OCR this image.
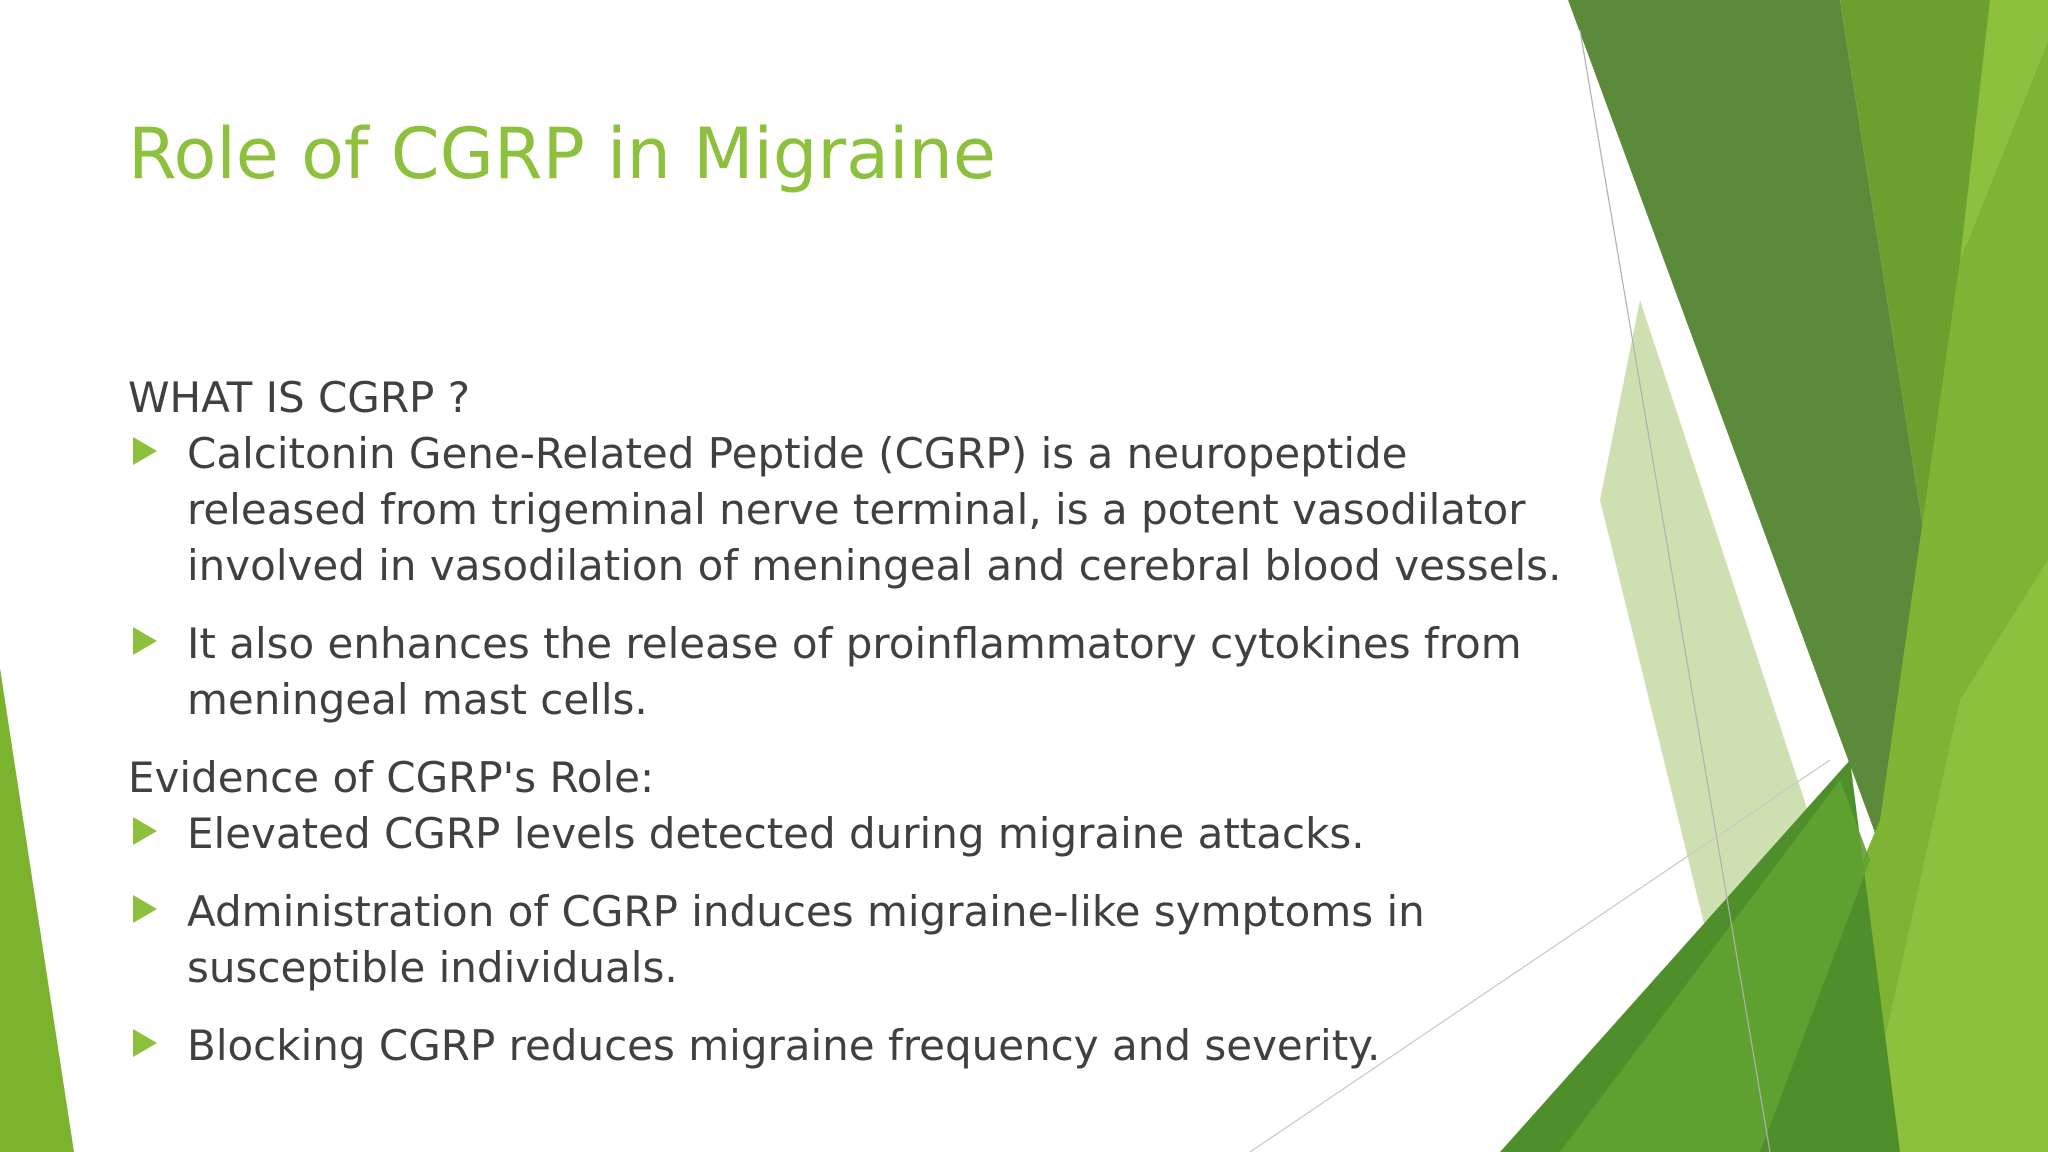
Role of CGRP in Migraine

WHAT IS CGRP ?

Calcitonin Gene-Related Peptide (CGRP) is a neuropeptide released from trigeminal nerve terminal, is a potent vasodilator involved in vasodilation of meningeal and cerebral blood vessels.

It also enhances the release of proinflammatory cytokines from meningeal mast cells.

Evidence of CGRP's Role:

Elevated CGRP levels detected during migraine attacks.

Administration of CGRP induces migraine-like symptoms in susceptible individuals.

Blocking CGRP reduces migraine frequency and severity.
